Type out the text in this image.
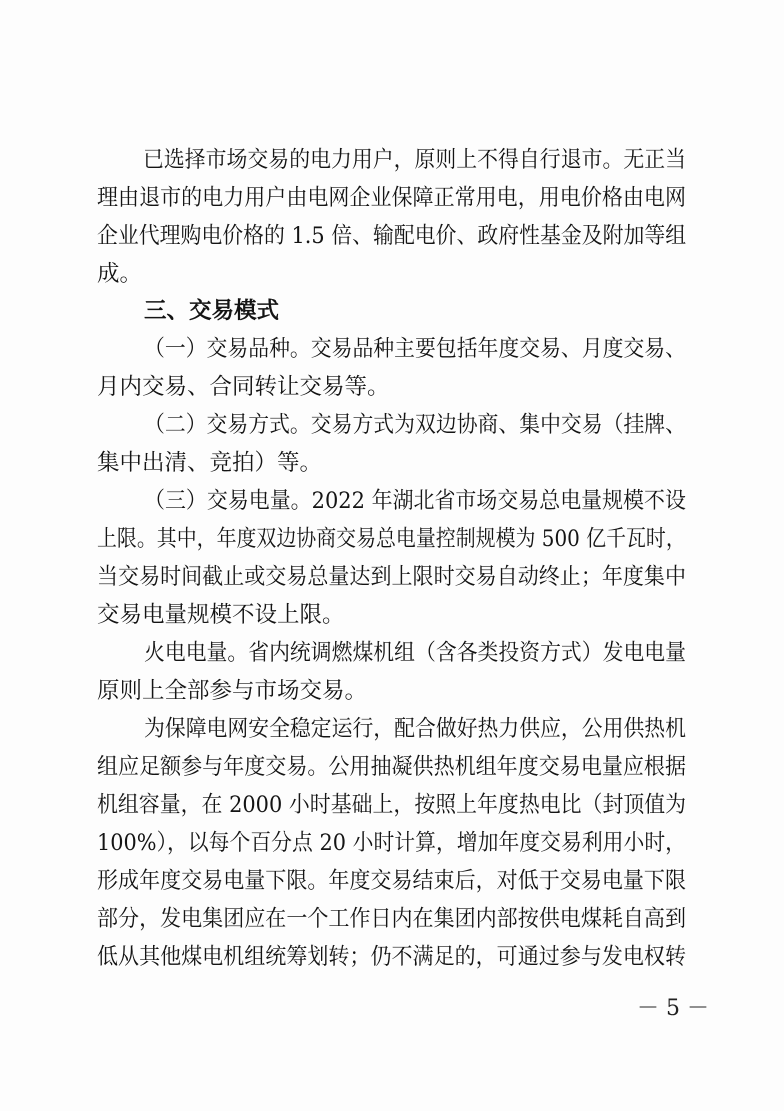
已选择市场交易的电力用户，原则上不得自行退市。无正当
理由退市的电力用户由电网企业保障正常用电，用电价格由电网
企业代理购电价格的 1.5 倍、输配电价、政府性基金及附加等组
成。
三、交易模式
（一）交易品种。交易品种主要包括年度交易、月度交易、
月内交易、合同转让交易等。
（二）交易方式。交易方式为双边协商、集中交易（挂牌、
集中出清、竞拍）等。
（三）交易电量。2022 年湖北省市场交易总电量规模不设
上限。其中，年度双边协商交易总电量控制规模为 500 亿千瓦时，
当交易时间截止或交易总量达到上限时交易自动终止；年度集中
交易电量规模不设上限。
火电电量。省内统调燃煤机组（含各类投资方式）发电电量
原则上全部参与市场交易。
为保障电网安全稳定运行，配合做好热力供应，公用供热机
组应足额参与年度交易。公用抽凝供热机组年度交易电量应根据
机组容量，在 2000 小时基础上，按照上年度热电比（封顶值为
100%），以每个百分点 20 小时计算，增加年度交易利用小时，
形成年度交易电量下限。年度交易结束后，对低于交易电量下限
部分，发电集团应在一个工作日内在集团内部按供电煤耗自高到
低从其他煤电机组统筹划转；仍不满足的，可通过参与发电权转
－ 5 －
